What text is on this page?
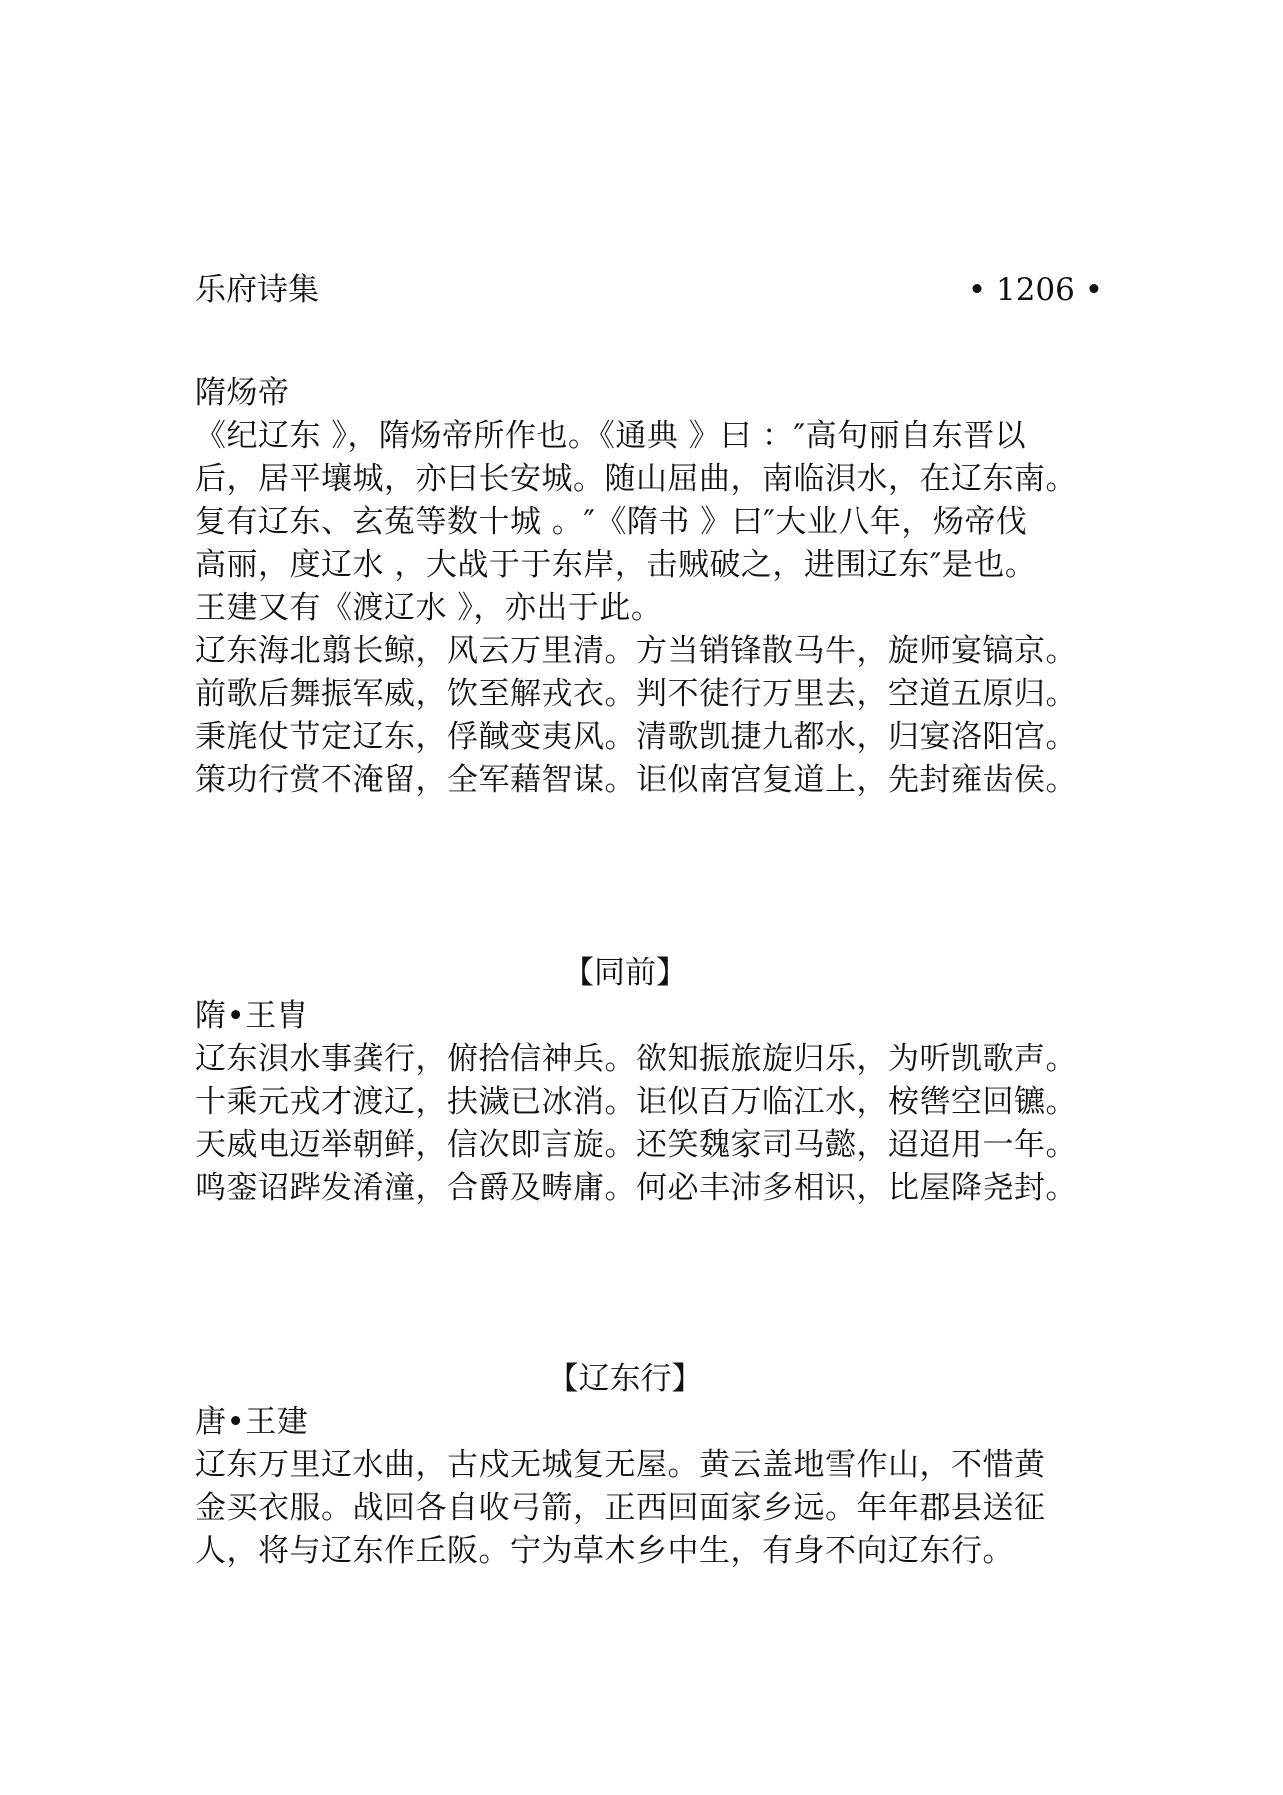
乐府诗集	• 1206 •
隋炀帝
《纪辽东 》，隋炀帝所作也。《通典 》曰 ：″高句丽自东晋以
后，居平壤城，亦曰长安城。随山屈曲，南临浿水，在辽东南。
复有辽东、玄菟等数十城 。″《隋书 》曰″大业八年，炀帝伐
高丽，度辽水 ，大战于于东岸，击贼破之，进围辽东″是也。
王建又有《渡辽水 》，亦出于此。
辽东海北翦长鲸，风云万里清。方当销锋散马牛，旋师宴镐京。
前歌后舞振军威，饮至解戎衣。判不徒行万里去，空道五原归。
秉旄仗节定辽东，俘馘变夷风。清歌凯捷九都水，归宴洛阳宫。
策功行赏不淹留，全军藉智谋。讵似南宫复道上，先封雍齿侯。
【同前】
隋•王胄
辽东浿水事龚行，俯拾信神兵。欲知振旅旋归乐，为听凯歌声。
十乘元戎才渡辽，扶濊已冰消。讵似百万临江水，桉辔空回镳。
天威电迈举朝鲜，信次即言旋。还笑魏家司马懿，迢迢用一年。
鸣銮诏跸发淆潼，合爵及畴庸。何必丰沛多相识，比屋降尧封。
【辽东行】
唐•王建
辽东万里辽水曲，古戍无城复无屋。黄云盖地雪作山，不惜黄
金买衣服。战回各自收弓箭，正西回面家乡远。年年郡县送征
人，将与辽东作丘阪。宁为草木乡中生，有身不向辽东行。
